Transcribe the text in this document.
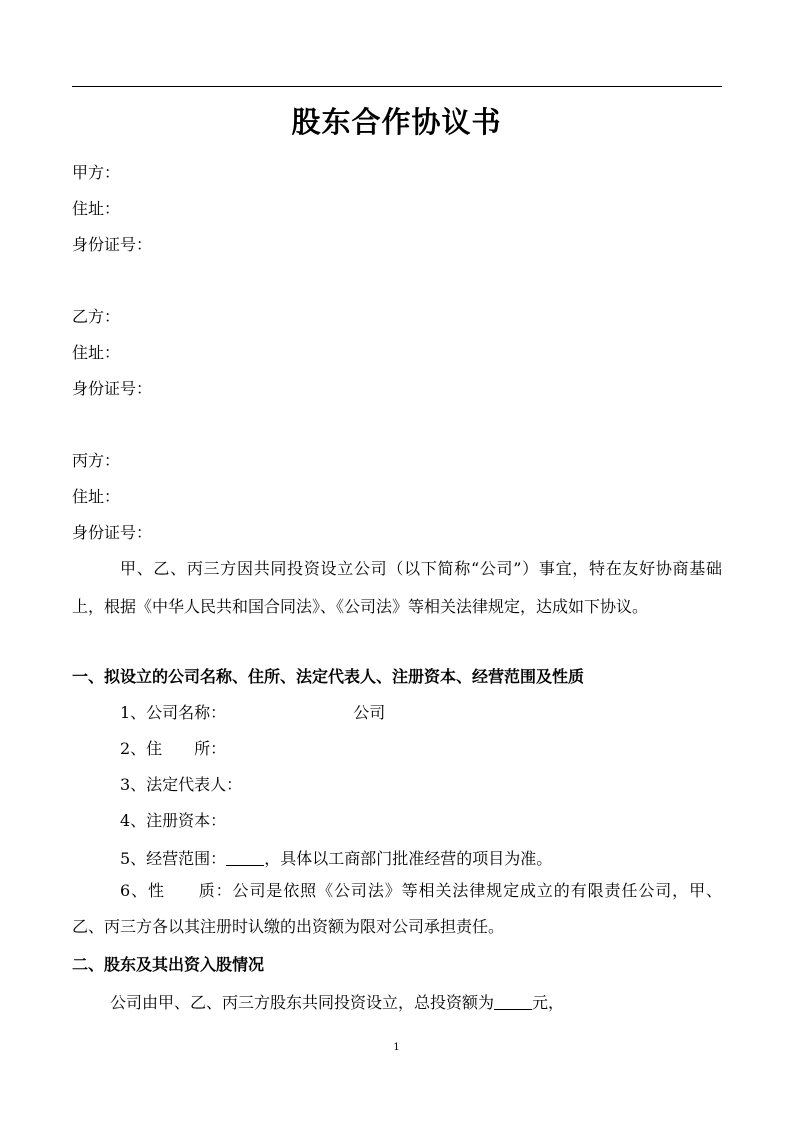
股东合作协议书
甲方：
住址：
身份证号：
乙方：
住址：
身份证号：
丙方：
住址：
身份证号：
甲、乙、丙三方因共同投资设立公司（以下简称“公司”）事宜，特在友好协商基础上，根据《中华人民共和国合同法》、《公司法》等相关法律规定，达成如下协议。
一、拟设立的公司名称、住所、法定代表人、注册资本、经营范围及性质
1、公司名称：	公司
2、住　　所：
3、法定代表人：
4、注册资本：
5、经营范围： ，具体以工商部门批准经营的项目为准。
6、性　　质：公司是依照《公司法》等相关法律规定成立的有限责任公司，甲、乙、丙三方各以其注册时认缴的出资额为限对公司承担责任。
二、股东及其出资入股情况
公司由甲、乙、丙三方股东共同投资设立，总投资额为 元，
1
